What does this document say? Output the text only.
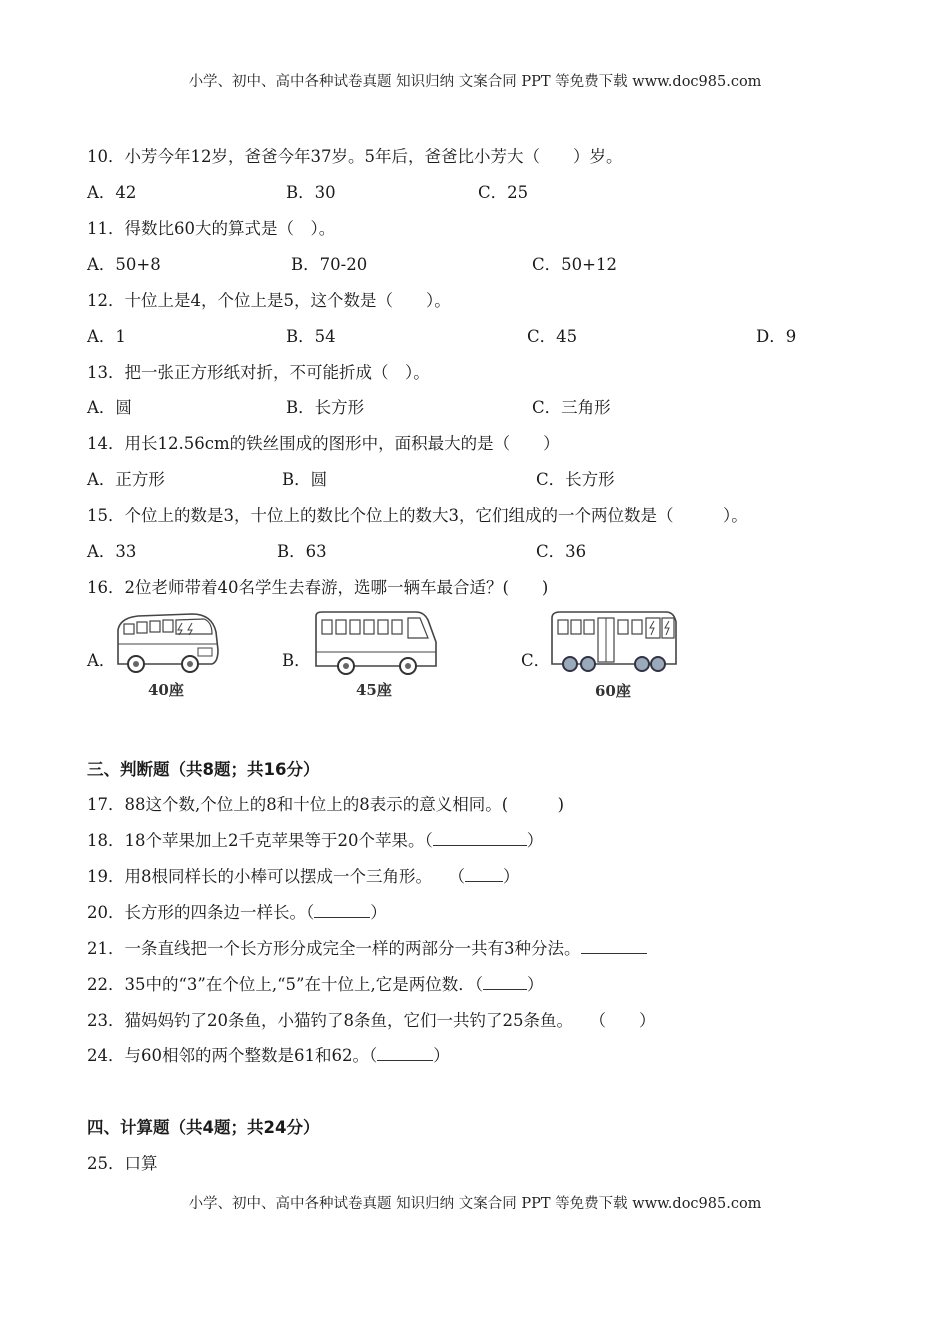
小学、初中、高中各种试卷真题 知识归纳 文案合同 PPT 等免费下载 www.doc985.com
10．小芳今年12岁，爸爸今年37岁。5年后，爸爸比小芳大（　　）岁。
A．42	B．30	C．25
11．得数比60大的算式是（　）。
A．50+8	B．70-20	C．50+12
12．十位上是4，个位上是5，这个数是（　　）。
A．1	B．54	C．45	D．9
13．把一张正方形纸对折，不可能折成（　）。
A．圆	B．长方形	C．三角形
14．用长12.56cm的铁丝围成的图形中，面积最大的是（　　）
A．正方形	B．圆	C．长方形
15．个位上的数是3，十位上的数比个位上的数大3，它们组成的一个两位数是（　　　）。
A．33	B．63	C．36
16．2位老师带着40名学生去春游，选哪一辆车最合适？(　　)
A．	B．	C．
40座	45座	60座
三、判断题（共8题；共16分）
17．88这个数,个位上的8和十位上的8表示的意义相同。(　　　)
18．18个苹果加上2千克苹果等于20个苹果。（	）
19．用8根同样长的小棒可以摆成一个三角形。　　（ ）
20．长方形的四条边一样长。（	）
21．一条直线把一个长方形分成完全一样的两部分一共有3种分法。
22．35中的“3”在个位上,“5”在十位上,它是两位数．（	）
23．猫妈妈钓了20条鱼，小猫钓了8条鱼，它们一共钓了25条鱼。　　（　　）
24．与60相邻的两个整数是61和62。（	）
四、计算题（共4题；共24分）
25．口算
小学、初中、高中各种试卷真题 知识归纳 文案合同 PPT 等免费下载 www.doc985.com
